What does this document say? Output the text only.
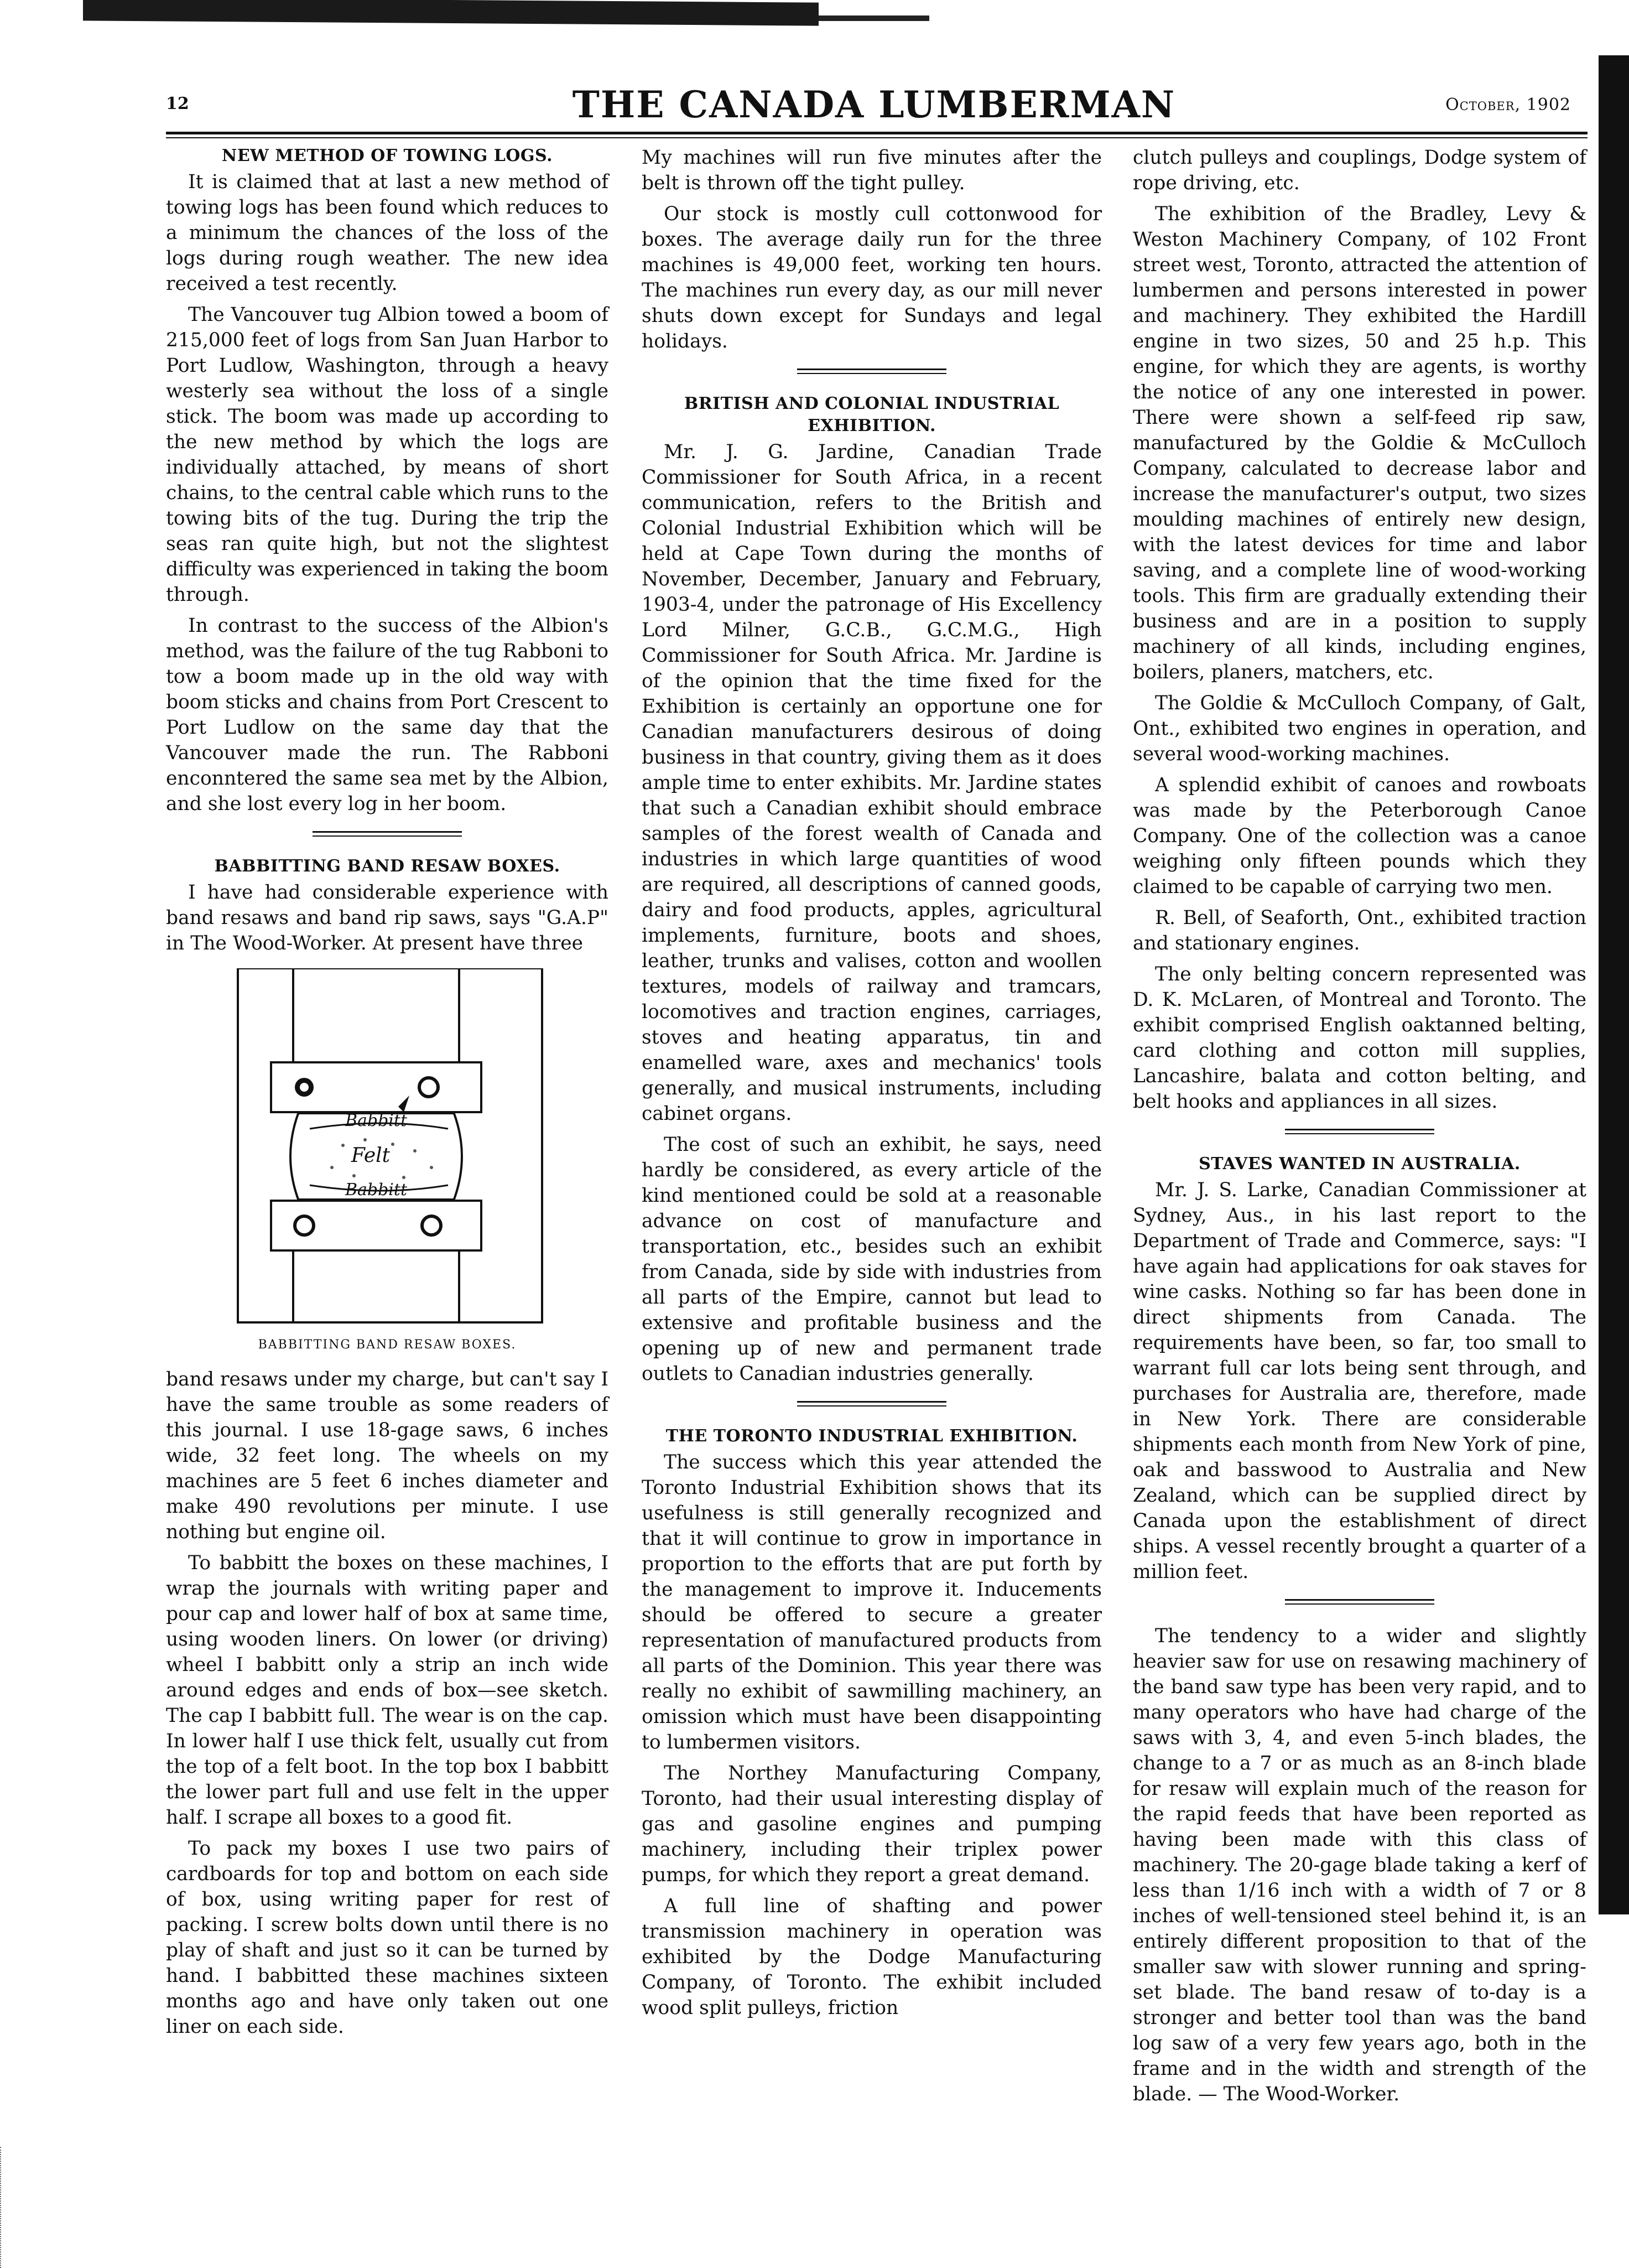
12	THE CANADA LUMBERMAN	October, 1902
NEW METHOD OF TOWING LOGS.

It is claimed that at last a new method of towing logs has been found which reduces to a minimum the chances of the loss of the logs during rough weather. The new idea received a test recently.

The Vancouver tug Albion towed a boom of 215,000 feet of logs from San Juan Harbor to Port Ludlow, Washington, through a heavy westerly sea without the loss of a single stick. The boom was made up according to the new method by which the logs are individually attached, by means of short chains, to the central cable which runs to the towing bits of the tug. During the trip the seas ran quite high, but not the slightest difficulty was experienced in taking the boom through.

In contrast to the success of the Albion's method, was the failure of the tug Rabboni to tow a boom made up in the old way with boom sticks and chains from Port Crescent to Port Ludlow on the same day that the Vancouver made the run. The Rabboni enconntered the same sea met by the Albion, and she lost every log in her boom.

BABBITTING BAND RESAW BOXES.

I have had considerable experience with band resaws and band rip saws, says "G.A.P" in The Wood-Worker. At present have three

Babbitt
Felt
Babbitt
BABBITTING BAND RESAW BOXES.

band resaws under my charge, but can't say I have the same trouble as some readers of this journal. I use 18-gage saws, 6 inches wide, 32 feet long. The wheels on my machines are 5 feet 6 inches diameter and make 490 revolutions per minute. I use nothing but engine oil.

To babbitt the boxes on these machines, I wrap the journals with writing paper and pour cap and lower half of box at same time, using wooden liners. On lower (or driving) wheel I babbitt only a strip an inch wide around edges and ends of box—see sketch. The cap I babbitt full. The wear is on the cap. In lower half I use thick felt, usually cut from the top of a felt boot. In the top box I babbitt the lower part full and use felt in the upper half. I scrape all boxes to a good fit.

To pack my boxes I use two pairs of cardboards for top and bottom on each side of box, using writing paper for rest of packing. I screw bolts down until there is no play of shaft and just so it can be turned by hand. I babbitted these machines sixteen months ago and have only taken out one liner on each side.

My machines will run five minutes after the belt is thrown off the tight pulley.

Our stock is mostly cull cottonwood for boxes. The average daily run for the three machines is 49,000 feet, working ten hours. The machines run every day, as our mill never shuts down except for Sundays and legal holidays.

BRITISH AND COLONIAL INDUSTRIAL EXHIBITION.

Mr. J. G. Jardine, Canadian Trade Commissioner for South Africa, in a recent communication, refers to the British and Colonial Industrial Exhibition which will be held at Cape Town during the months of November, December, January and February, 1903-4, under the patronage of His Excellency Lord Milner, G.C.B., G.C.M.G., High Commissioner for South Africa. Mr. Jardine is of the opinion that the time fixed for the Exhibition is certainly an opportune one for Canadian manufacturers desirous of doing business in that country, giving them as it does ample time to enter exhibits. Mr. Jardine states that such a Canadian exhibit should embrace samples of the forest wealth of Canada and industries in which large quantities of wood are required, all descriptions of canned goods, dairy and food products, apples, agricultural implements, furniture, boots and shoes, leather, trunks and valises, cotton and woollen textures, models of railway and tramcars, locomotives and traction engines, carriages, stoves and heating apparatus, tin and enamelled ware, axes and mechanics' tools generally, and musical instruments, including cabinet organs.

The cost of such an exhibit, he says, need hardly be considered, as every article of the kind mentioned could be sold at a reasonable advance on cost of manufacture and transportation, etc., besides such an exhibit from Canada, side by side with industries from all parts of the Empire, cannot but lead to extensive and profitable business and the opening up of new and permanent trade outlets to Canadian industries generally.

THE TORONTO INDUSTRIAL EXHIBITION.

The success which this year attended the Toronto Industrial Exhibition shows that its usefulness is still generally recognized and that it will continue to grow in importance in proportion to the efforts that are put forth by the management to improve it. Inducements should be offered to secure a greater representation of manufactured products from all parts of the Dominion. This year there was really no exhibit of sawmilling machinery, an omission which must have been disappointing to lumbermen visitors.

The Northey Manufacturing Company, Toronto, had their usual interesting display of gas and gasoline engines and pumping machinery, including their triplex power pumps, for which they report a great demand.

A full line of shafting and power transmission machinery in operation was exhibited by the Dodge Manufacturing Company, of Toronto. The exhibit included wood split pulleys, friction

clutch pulleys and couplings, Dodge system of rope driving, etc.

The exhibition of the Bradley, Levy & Weston Machinery Company, of 102 Front street west, Toronto, attracted the attention of lumbermen and persons interested in power and machinery. They exhibited the Hardill engine in two sizes, 50 and 25 h.p. This engine, for which they are agents, is worthy the notice of any one interested in power. There were shown a self-feed rip saw, manufactured by the Goldie & McCulloch Company, calculated to decrease labor and increase the manufacturer's output, two sizes moulding machines of entirely new design, with the latest devices for time and labor saving, and a complete line of wood-working tools. This firm are gradually extending their business and are in a position to supply machinery of all kinds, including engines, boilers, planers, matchers, etc.

The Goldie & McCulloch Company, of Galt, Ont., exhibited two engines in operation, and several wood-working machines.

A splendid exhibit of canoes and rowboats was made by the Peterborough Canoe Company. One of the collection was a canoe weighing only fifteen pounds which they claimed to be capable of carrying two men.

R. Bell, of Seaforth, Ont., exhibited traction and stationary engines.

The only belting concern represented was D. K. McLaren, of Montreal and Toronto. The exhibit comprised English oaktanned belting, card clothing and cotton mill supplies, Lancashire, balata and cotton belting, and belt hooks and appliances in all sizes.

STAVES WANTED IN AUSTRALIA.

Mr. J. S. Larke, Canadian Commissioner at Sydney, Aus., in his last report to the Department of Trade and Commerce, says: "I have again had applications for oak staves for wine casks. Nothing so far has been done in direct shipments from Canada. The requirements have been, so far, too small to warrant full car lots being sent through, and purchases for Australia are, therefore, made in New York. There are considerable shipments each month from New York of pine, oak and basswood to Australia and New Zealand, which can be supplied direct by Canada upon the establishment of direct ships. A vessel recently brought a quarter of a million feet.

The tendency to a wider and slightly heavier saw for use on resawing machinery of the band saw type has been very rapid, and to many operators who have had charge of the saws with 3, 4, and even 5-inch blades, the change to a 7 or as much as an 8-inch blade for resaw will explain much of the reason for the rapid feeds that have been reported as having been made with this class of machinery. The 20-gage blade taking a kerf of less than 1/16 inch with a width of 7 or 8 inches of well-tensioned steel behind it, is an entirely different proposition to that of the smaller saw with slower running and spring-set blade. The band resaw of to-day is a stronger and better tool than was the band log saw of a very few years ago, both in the frame and in the width and strength of the blade. — The Wood-Worker.
